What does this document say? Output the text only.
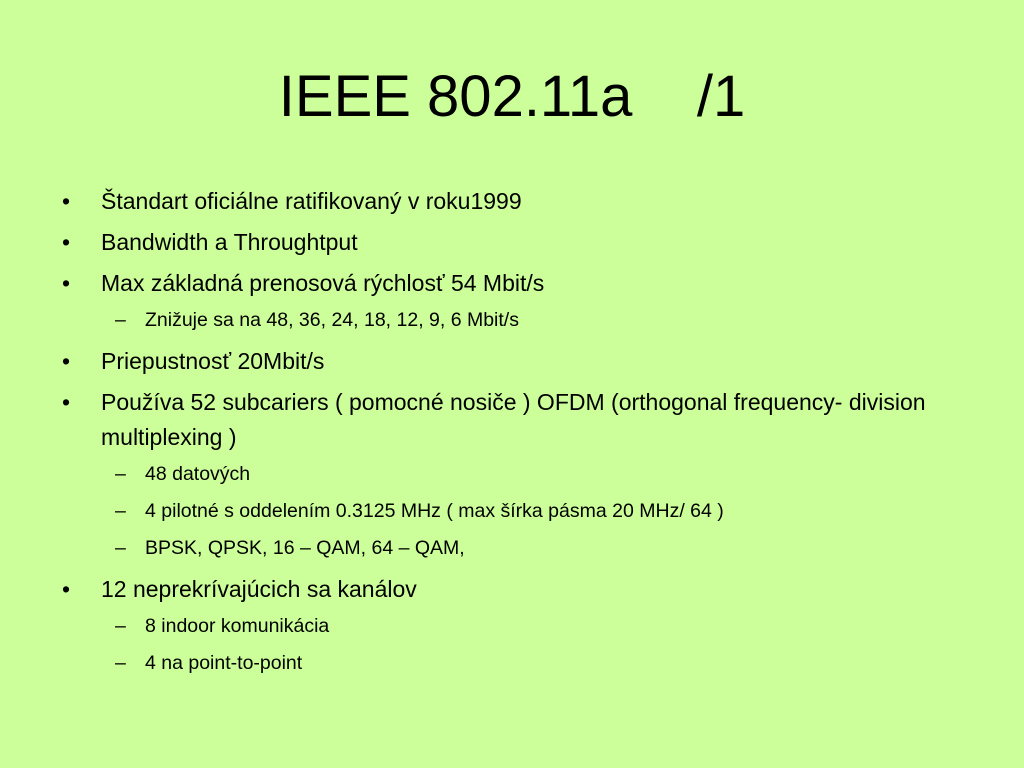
IEEE 802.11a    /1
• Štandart oficiálne ratifikovaný v roku1999
• Bandwidth a Throughtput
• Max základná prenosová rýchlosť 54 Mbit/s
– Znižuje sa na 48, 36, 24, 18, 12, 9, 6 Mbit/s
• Priepustnosť 20Mbit/s
• Používa 52 subcariers ( pomocné nosiče ) OFDM (orthogonal frequency- division multiplexing )
– 48 datových
– 4 pilotné s oddelením 0.3125 MHz ( max šírka pásma 20 MHz/ 64 )
– BPSK, QPSK, 16 – QAM, 64 – QAM,
• 12 neprekrívajúcich sa kanálov
– 8 indoor komunikácia
– 4 na point-to-point
